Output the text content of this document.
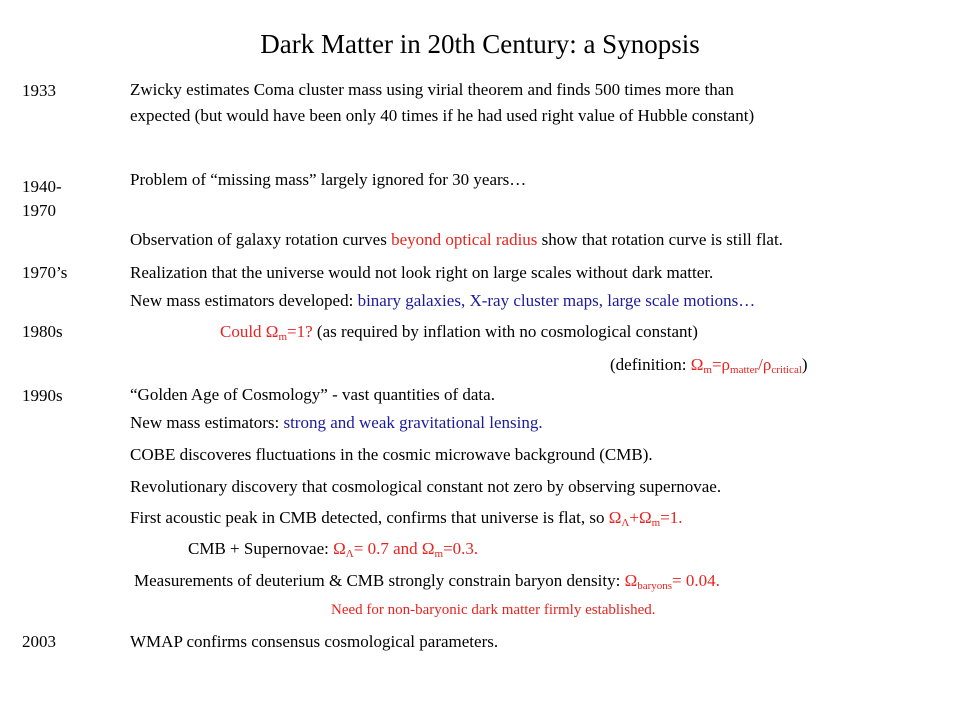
Dark Matter in 20th Century: a Synopsis
1933
1940-
1970
1970’s
1980s
1990s
2003
Zwicky estimates Coma cluster mass using virial theorem and finds 500 times more than
expected (but would have been only 40 times if he had used right value of Hubble constant)
Problem of “missing mass” largely ignored for 30 years…
Observation of galaxy rotation curves beyond optical radius show that rotation curve is still flat.
Realization that the universe would not look right on large scales without dark matter.
New mass estimators developed: binary galaxies, X-ray cluster maps, large scale motions…
Could $\Omega_m=1$? (as required by inflation with no cosmological constant)
(definition: $\Omega_m=\rho_{matter}/\rho_{critical}$)
“Golden Age of Cosmology” - vast quantities of data.
New mass estimators: strong and weak gravitational lensing.
COBE discoveres fluctuations in the cosmic microwave background (CMB).
Revolutionary discovery that cosmological constant not zero by observing supernovae.
First acoustic peak in CMB detected, confirms that universe is flat, so $\Omega_\Lambda+\Omega_m=1$.
CMB + Supernovae: $\Omega_\Lambda= 0.7$ and $\Omega_m=0.3$.
Measurements of deuterium & CMB strongly constrain baryon density: $\Omega_{baryons}= 0.04$.
Need for non-baryonic dark matter firmly established.
WMAP confirms consensus cosmological parameters.
